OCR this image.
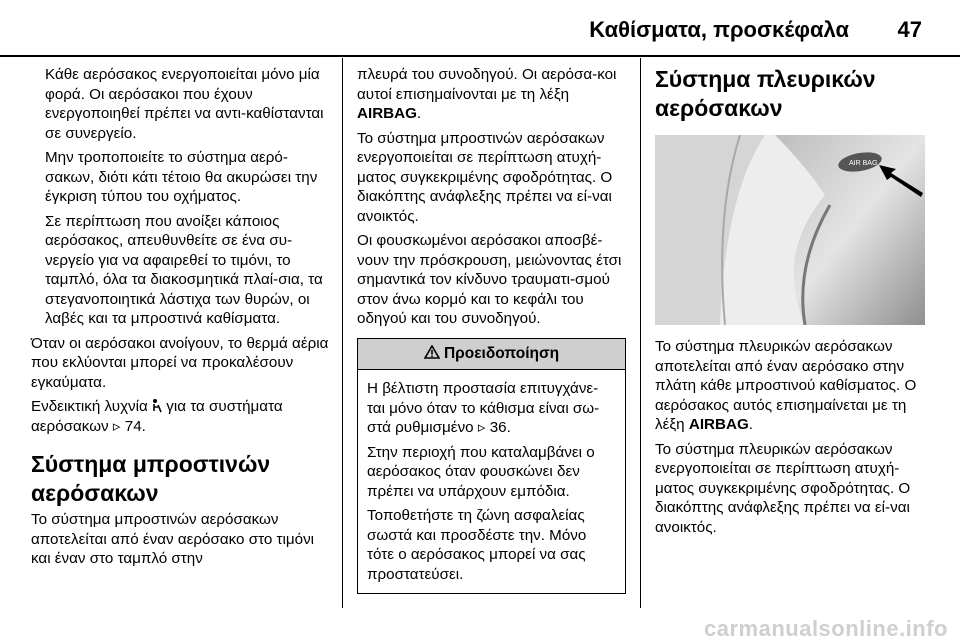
Καθίσματα, προσκέφαλα 47

Κάθε αερόσακος ενεργοποιείται μόνο μία φορά. Οι αερόσακοι που έχουν ενεργοποιηθεί πρέπει να αντι-καθίστανται σε συνεργείο.

Μην τροποποιείτε το σύστημα αερό-σακων, διότι κάτι τέτοιο θα ακυρώσει την έγκριση τύπου του οχήματος.

Σε περίπτωση που ανοίξει κάποιος αερόσακος, απευθυνθείτε σε ένα συ-νεργείο για να αφαιρεθεί το τιμόνι, το ταμπλό, όλα τα διακοσμητικά πλαί-σια, τα στεγανοποιητικά λάστιχα των θυρών, οι λαβές και τα μπροστινά καθίσματα.

Όταν οι αερόσακοι ανοίγουν, το θερμά αέρια που εκλύονται μπορεί να προκαλέσουν εγκαύματα.

Ενδεικτική λυχνία για τα συστήματα αερόσακων ▹ 74.

Σύστημα μπροστινών αερόσακων

Το σύστημα μπροστινών αερόσακων αποτελείται από έναν αερόσακο στο τιμόνι και έναν στο ταμπλό στην

πλευρά του συνοδηγού. Οι αερόσα-κοι αυτοί επισημαίνονται με τη λέξη AIRBAG.

Το σύστημα μπροστινών αερόσακων ενεργοποιείται σε περίπτωση ατυχή-ματος συγκεκριμένης σφοδρότητας. Ο διακόπτης ανάφλεξης πρέπει να εί-ναι ανοικτός.

Οι φουσκωμένοι αερόσακοι αποσβέ-νουν την πρόσκρουση, μειώνοντας έτσι σημαντικά τον κίνδυνο τραυματι-σμού στον άνω κορμό και το κεφάλι του οδηγού και του συνοδηγού.

Προειδοποίηση

Η βέλτιστη προστασία επιτυγχάνε-ται μόνο όταν το κάθισμα είναι σω-στά ρυθμισμένο ▹ 36.

Στην περιοχή που καταλαμβάνει ο αερόσακος όταν φουσκώνει δεν πρέπει να υπάρχουν εμπόδια.

Τοποθετήστε τη ζώνη ασφαλείας σωστά και προσδέστε την. Μόνο τότε ο αερόσακος μπορεί να σας προστατεύσει.

Σύστημα πλευρικών αερόσακων
AIR BAG

Το σύστημα πλευρικών αερόσακων αποτελείται από έναν αερόσακο στην πλάτη κάθε μπροστινού καθίσματος. Ο αερόσακος αυτός επισημαίνεται με τη λέξη AIRBAG.

Το σύστημα πλευρικών αερόσακων ενεργοποιείται σε περίπτωση ατυχή-ματος συγκεκριμένης σφοδρότητας. Ο διακόπτης ανάφλεξης πρέπει να εί-ναι ανοικτός.

carmanualsonline.info
